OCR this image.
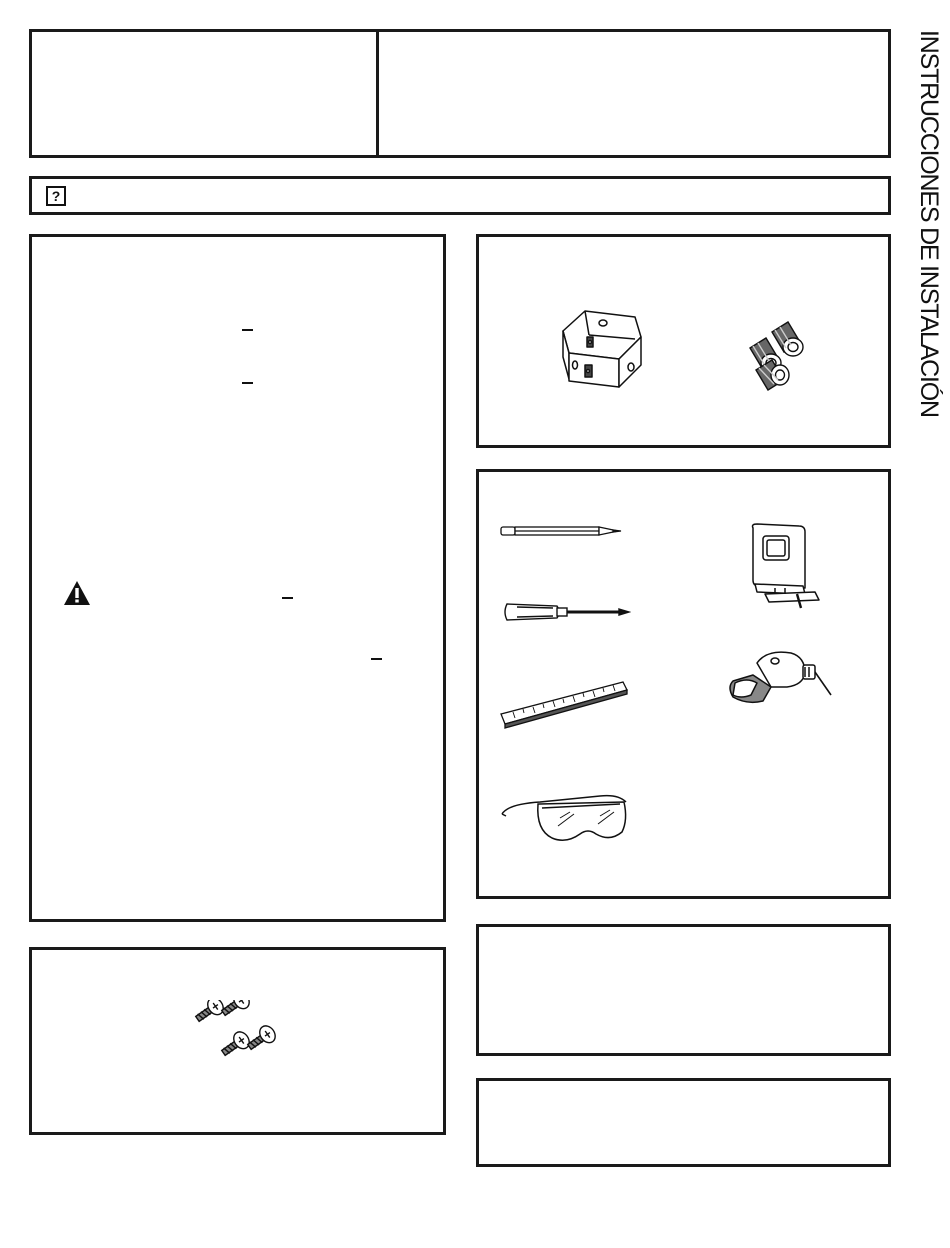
INSTRUCCIONES DE INSTALACIÓN
?
